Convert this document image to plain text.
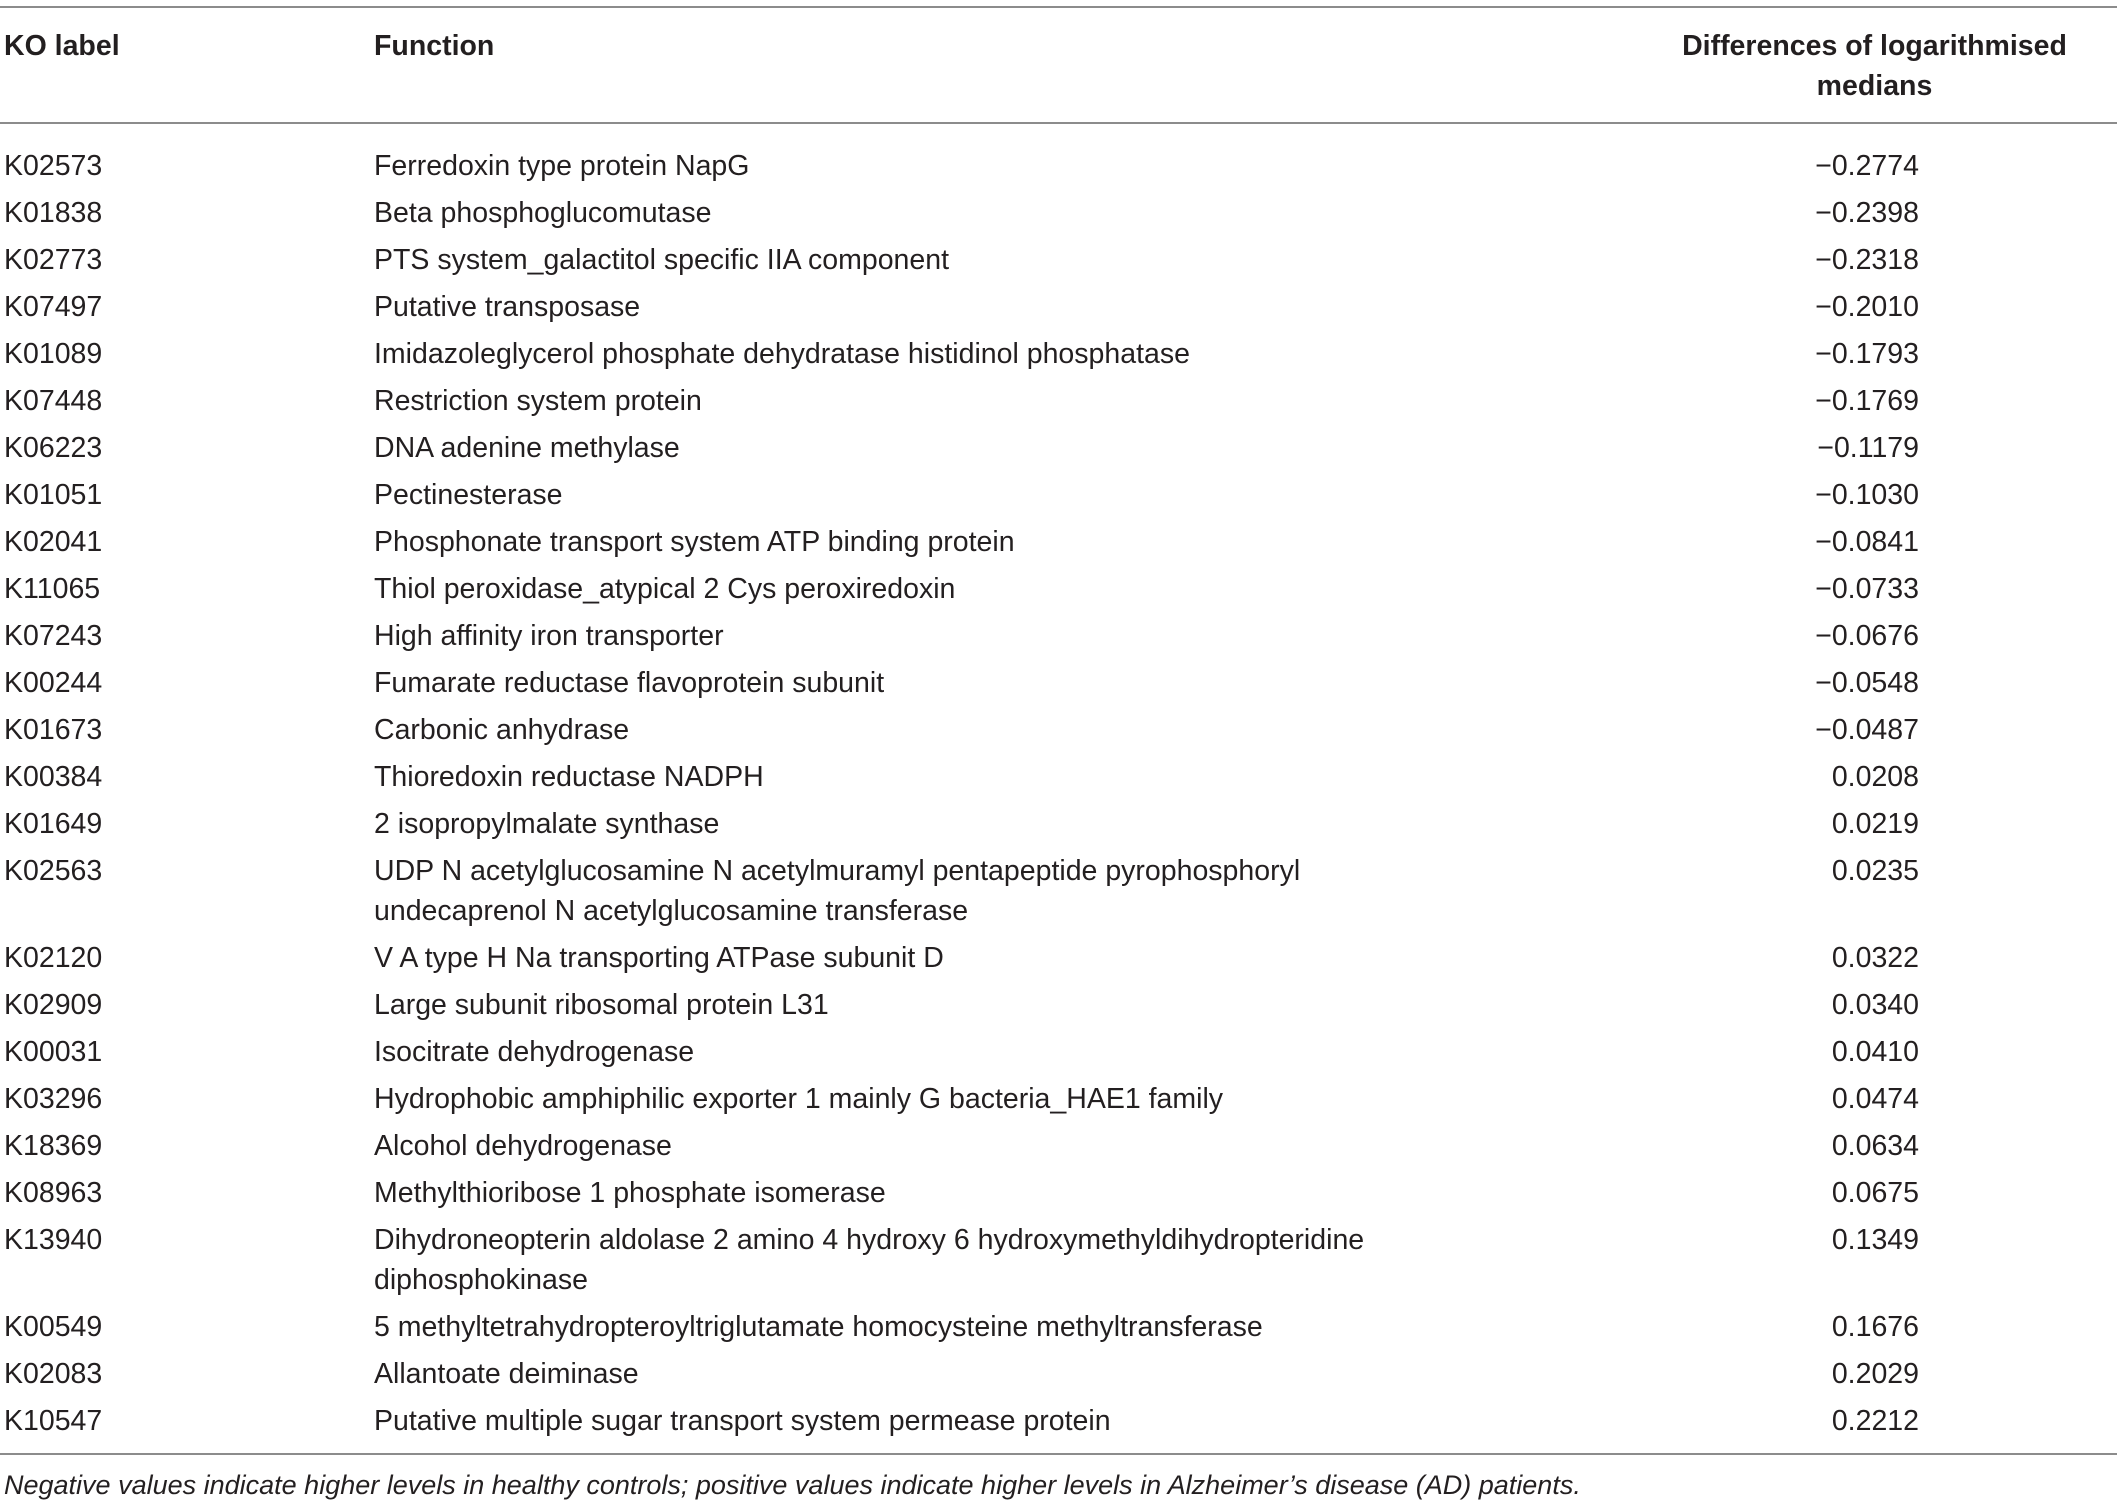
KO label	Function	Differences of logarithmised
medians
K02573	Ferredoxin type protein NapG	−0.2774
K01838	Beta phosphoglucomutase	−0.2398
K02773	PTS system_galactitol specific IIA component	−0.2318
K07497	Putative transposase	−0.2010
K01089	Imidazoleglycerol phosphate dehydratase histidinol phosphatase	−0.1793
K07448	Restriction system protein	−0.1769
K06223	DNA adenine methylase	−0.1179
K01051	Pectinesterase	−0.1030
K02041	Phosphonate transport system ATP binding protein	−0.0841
K11065	Thiol peroxidase_atypical 2 Cys peroxiredoxin	−0.0733
K07243	High affinity iron transporter	−0.0676
K00244	Fumarate reductase flavoprotein subunit	−0.0548
K01673	Carbonic anhydrase	−0.0487
K00384	Thioredoxin reductase NADPH	0.0208
K01649	2 isopropylmalate synthase	0.0219
K02563	UDP N acetylglucosamine N acetylmuramyl pentapeptide pyrophosphoryl
undecaprenol N acetylglucosamine transferase	0.0235
K02120	V A type H Na transporting ATPase subunit D	0.0322
K02909	Large subunit ribosomal protein L31	0.0340
K00031	Isocitrate dehydrogenase	0.0410
K03296	Hydrophobic amphiphilic exporter 1 mainly G bacteria_HAE1 family	0.0474
K18369	Alcohol dehydrogenase	0.0634
K08963	Methylthioribose 1 phosphate isomerase	0.0675
K13940	Dihydroneopterin aldolase 2 amino 4 hydroxy 6 hydroxymethyldihydropteridine
diphosphokinase	0.1349
K00549	5 methyltetrahydropteroyltriglutamate homocysteine methyltransferase	0.1676
K02083	Allantoate deiminase	0.2029
K10547	Putative multiple sugar transport system permease protein	0.2212
Negative values indicate higher levels in healthy controls; positive values indicate higher levels in Alzheimer’s disease (AD) patients.		
